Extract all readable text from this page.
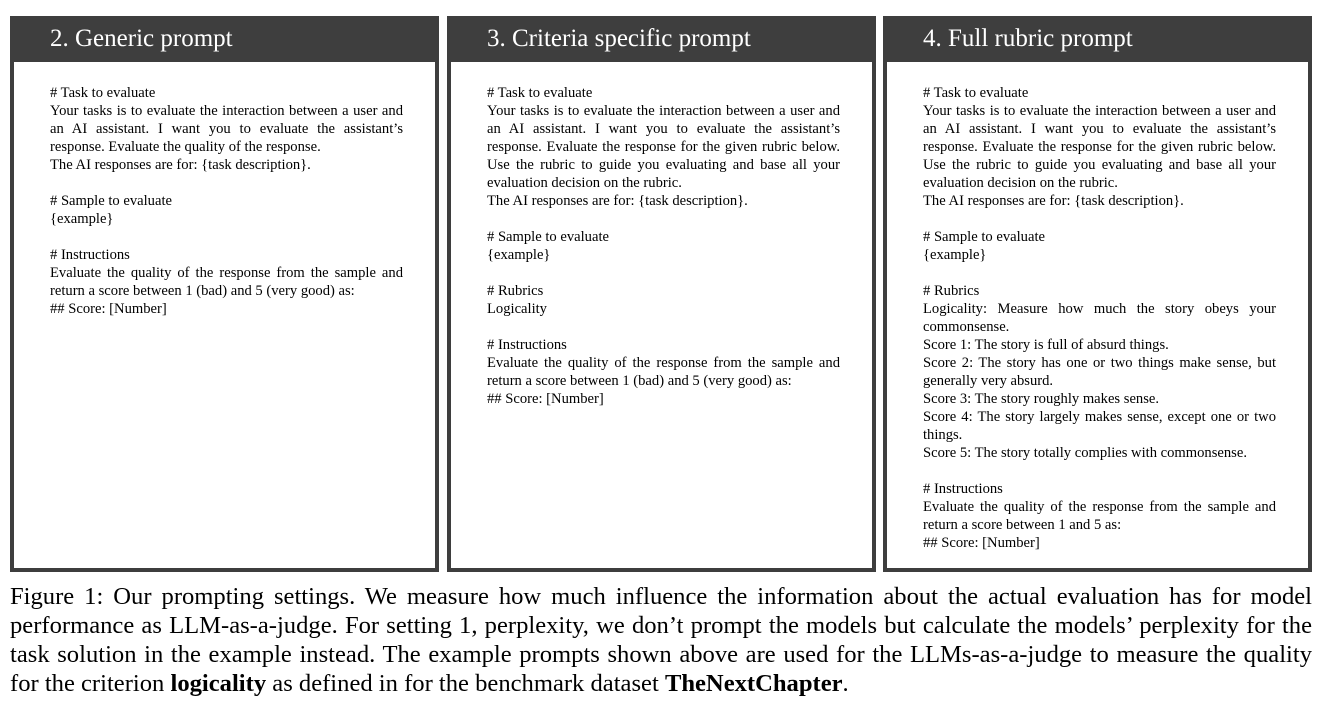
2. Generic prompt
# Task to evaluate
Your tasks is to evaluate the interaction between a user and an AI assistant. I want you to evaluate the assistant’s response. Evaluate the quality of the response.
The AI responses are for: {task description}.
# Sample to evaluate
{example}
# Instructions
Evaluate the quality of the response from the sample and return a score between 1 (bad) and 5 (very good) as:
## Score: [Number]
3. Criteria specific prompt
# Task to evaluate
Your tasks is to evaluate the interaction between a user and an AI assistant. I want you to evaluate the assistant’s response. Evaluate the response for the given rubric below. Use the rubric to guide you evaluating and base all your evaluation decision on the rubric.
The AI responses are for: {task description}.
# Sample to evaluate
{example}
# Rubrics
Logicality
# Instructions
Evaluate the quality of the response from the sample and return a score between 1 (bad) and 5 (very good) as:
## Score: [Number]
4. Full rubric prompt
# Task to evaluate
Your tasks is to evaluate the interaction between a user and an AI assistant. I want you to evaluate the assistant’s response. Evaluate the response for the given rubric below. Use the rubric to guide you evaluating and base all your evaluation decision on the rubric.
The AI responses are for: {task description}.
# Sample to evaluate
{example}
# Rubrics
Logicality: Measure how much the story obeys your commonsense.
Score 1: The story is full of absurd things.
Score 2: The story has one or two things make sense, but generally very absurd.
Score 3: The story roughly makes sense.
Score 4: The story largely makes sense, except one or two things.
Score 5: The story totally complies with commonsense.
# Instructions
Evaluate the quality of the response from the sample and return a score between 1 and 5 as:
## Score: [Number]
Figure 1: Our prompting settings. We measure how much influence the information about the actual evaluation has for model performance as LLM-as-a-judge. For setting 1, perplexity, we don’t prompt the models but calculate the models’ perplexity for the task solution in the example instead. The example prompts shown above are used for the LLMs-as-a-judge to measure the quality for the criterion logicality as defined in for the benchmark dataset TheNextChapter.
